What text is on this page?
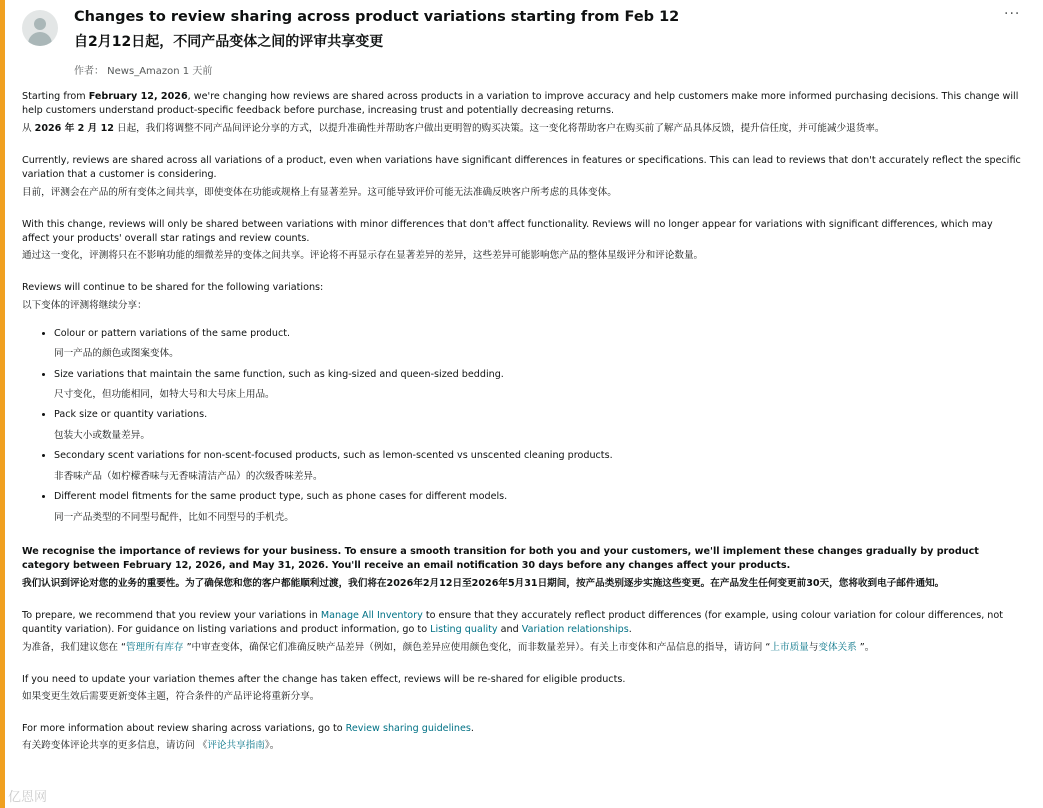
Changes to review sharing across product variations starting from Feb 12
自2月12日起，不同产品变体之间的评审共享变更
作者： News_Amazon 1 天前
···

Starting from February 12, 2026, we're changing how reviews are shared across products in a variation to improve accuracy and help customers make more informed purchasing decisions. This change will help customers understand product-specific feedback before purchase, increasing trust and potentially decreasing returns.

从 2026 年 2 月 12 日起，我们将调整不同产品间评论分享的方式，以提升准确性并帮助客户做出更明智的购买决策。这一变化将帮助客户在购买前了解产品具体反馈，提升信任度，并可能减少退货率。

Currently, reviews are shared across all variations of a product, even when variations have significant differences in features or specifications. This can lead to reviews that don't accurately reflect the specific variation that a customer is considering.

目前，评测会在产品的所有变体之间共享，即使变体在功能或规格上有显著差异。这可能导致评价可能无法准确反映客户所考虑的具体变体。

With this change, reviews will only be shared between variations with minor differences that don't affect functionality. Reviews will no longer appear for variations with significant differences, which may affect your products' overall star ratings and review counts.

通过这一变化，评测将只在不影响功能的细微差异的变体之间共享。评论将不再显示存在显著差异的差异，这些差异可能影响您产品的整体星级评分和评论数量。

Reviews will continue to be shared for the following variations:

以下变体的评测将继续分享：

• Colour or pattern variations of the same product.
同一产品的颜色或图案变体。
• Size variations that maintain the same function, such as king-sized and queen-sized bedding.
尺寸变化，但功能相同，如特大号和大号床上用品。
• Pack size or quantity variations.
包装大小或数量差异。
• Secondary scent variations for non-scent-focused products, such as lemon-scented vs unscented cleaning products.
非香味产品（如柠檬香味与无香味清洁产品）的次级香味差异。
• Different model fitments for the same product type, such as phone cases for different models.
同一产品类型的不同型号配件，比如不同型号的手机壳。

We recognise the importance of reviews for your business. To ensure a smooth transition for both you and your customers, we'll implement these changes gradually by product category between February 12, 2026, and May 31, 2026. You'll receive an email notification 30 days before any changes affect your products.

我们认识到评论对您的业务的重要性。为了确保您和您的客户都能顺利过渡，我们将在2026年2月12日至2026年5月31日期间，按产品类别逐步实施这些变更。在产品发生任何变更前30天，您将收到电子邮件通知。

To prepare, we recommend that you review your variations in Manage All Inventory to ensure that they accurately reflect product differences (for example, using colour variation for colour differences, not quantity variation). For guidance on listing variations and product information, go to Listing quality and Variation relationships.

为准备，我们建议您在 “管理所有库存 ”中审查变体，确保它们准确反映产品差异（例如，颜色差异应使用颜色变化，而非数量差异）。有关上市变体和产品信息的指导，请访问 “上市质量与变体关系 ”。

If you need to update your variation themes after the change has taken effect, reviews will be re-shared for eligible products.

如果变更生效后需要更新变体主题，符合条件的产品评论将重新分享。

For more information about review sharing across variations, go to Review sharing guidelines.

有关跨变体评论共享的更多信息，请访问 《评论共享指南》。

亿恩网
